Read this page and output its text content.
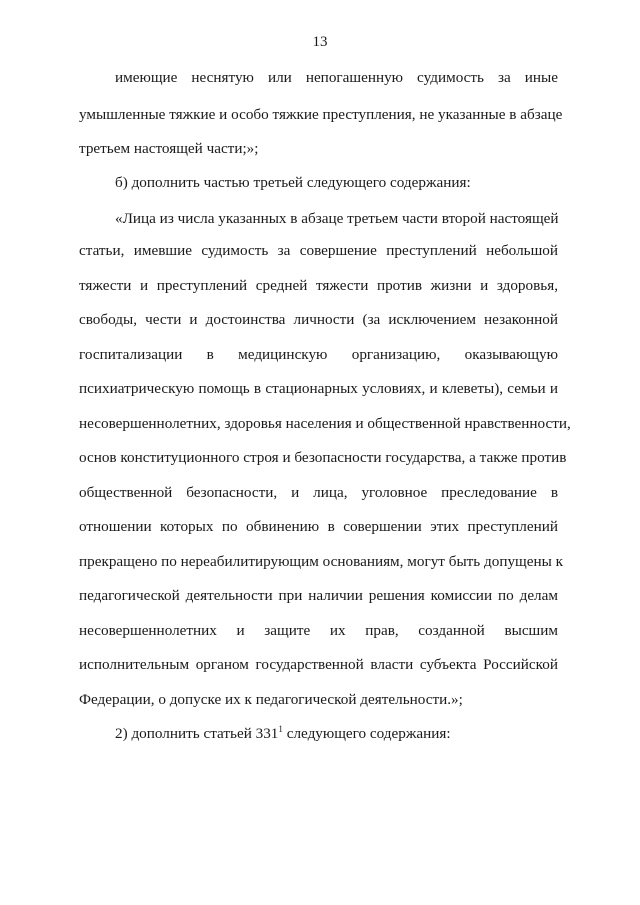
13
имеющие неснятую или непогашенную судимость за иные
умышленные тяжкие и особо тяжкие преступления, не указанные в абзаце
третьем настоящей части;»;
б) дополнить частью третьей следующего содержания:
«Лица из числа указанных в абзаце третьем части второй настоящей
статьи, имевшие судимость за совершение преступлений небольшой
тяжести и преступлений средней тяжести против жизни и здоровья,
свободы, чести и достоинства личности (за исключением незаконной
госпитализации в медицинскую организацию, оказывающую
психиатрическую помощь в стационарных условиях, и клеветы), семьи и
несовершеннолетних, здоровья населения и общественной нравственности,
основ конституционного строя и безопасности государства, а также против
общественной безопасности, и лица, уголовное преследование в
отношении которых по обвинению в совершении этих преступлений
прекращено по нереабилитирующим основаниям, могут быть допущены к
педагогической деятельности при наличии решения комиссии по делам
несовершеннолетних и защите их прав, созданной высшим
исполнительным органом государственной власти субъекта Российской
Федерации, о допуске их к педагогической деятельности.»;
2) дополнить статьей $331^1$ следующего содержания:
